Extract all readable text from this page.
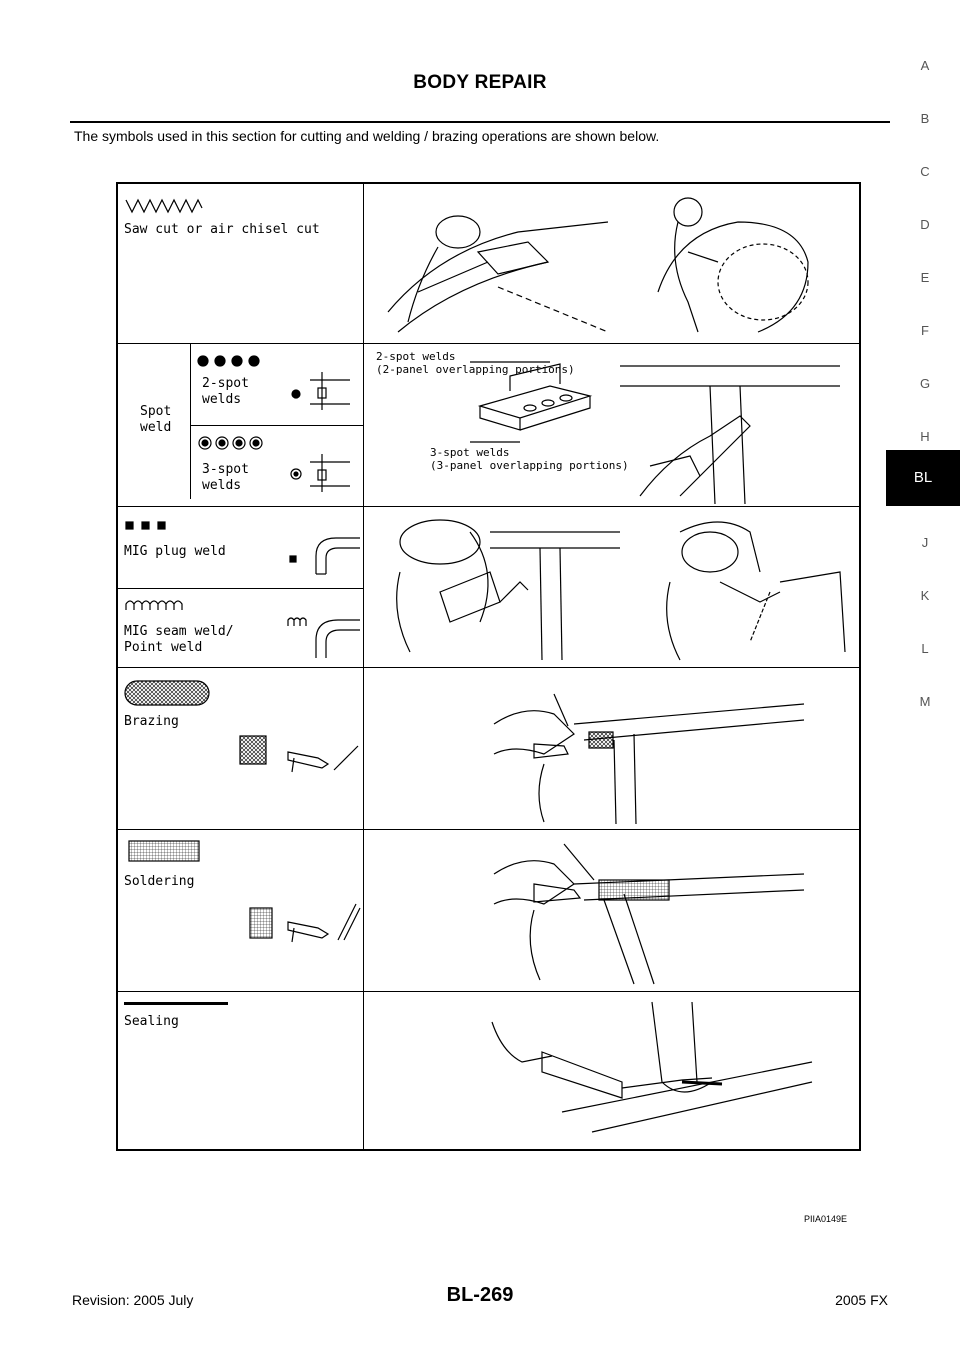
BODY REPAIR
The symbols used in this section for cutting and welding / brazing operations are shown below.
A
B
C
D
E
F
G
H
BL
J
K
L
M
Saw cut or air chisel cut
Spot
weld
2-spot
welds
3-spot
welds
2-spot welds
(2-panel overlapping portions)
3-spot welds
(3-panel overlapping portions)
MIG plug weld
MIG seam weld/
Point weld
Brazing
Soldering
Sealing
PIIA0149E
Revision: 2005 July	BL-269	2005 FX
